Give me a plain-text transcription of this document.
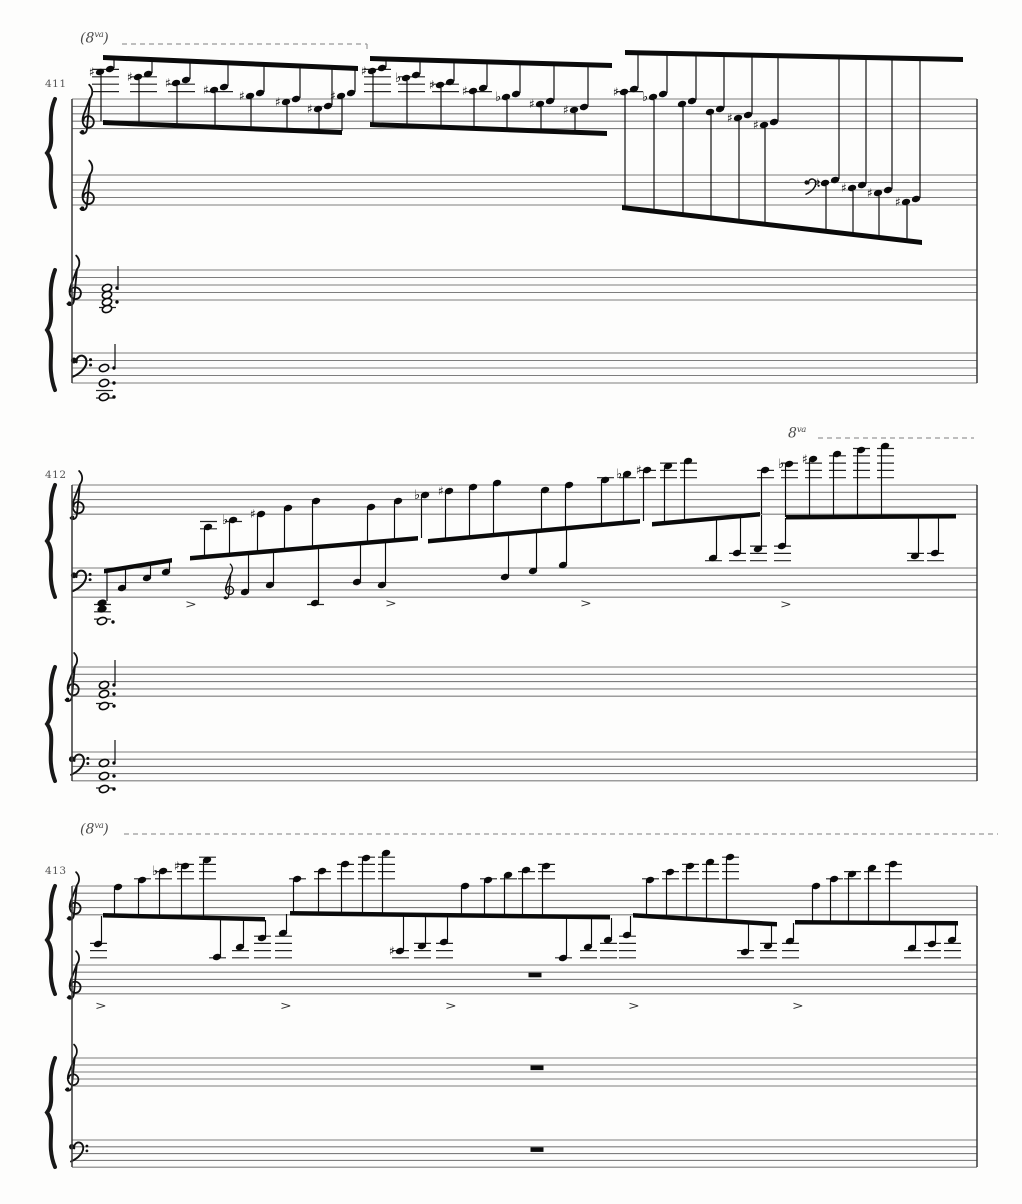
♯	♯	♯	♯	♯	♯ ♯
♯
♯ ♭ ♯ ♯ ♭ ♯ ♯
♯ ♭
♯ ♯
♯ ♯ ♯
♯
♭ ♯
♭ ♯
♭ ♯	♭ ♯
>	>	>	>
♭ ♯
♯
>	>	>	>	>
411
412
413
$(8^{va})$
$8^{va}$
$(8^{va})$
